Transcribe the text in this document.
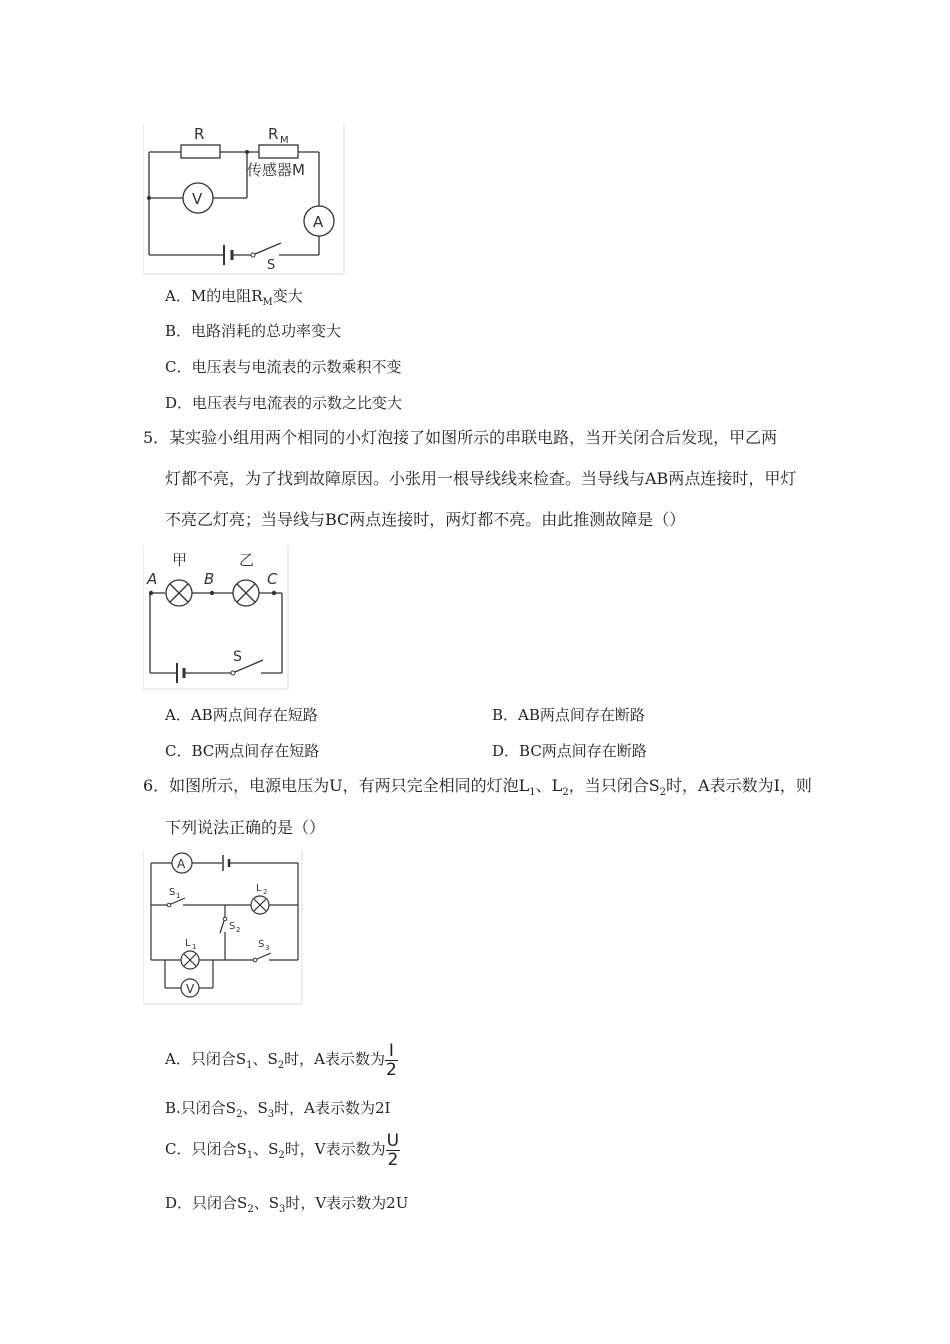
R	R M
传感器M
V
A
S
A．M的电阻$R_M$变大
B．电路消耗的总功率变大
C．电压表与电流表的示数乘积不变
D．电压表与电流表的示数之比变大
5．某实验小组用两个相同的小灯泡接了如图所示的串联电路，当开关闭合后发现，甲乙两
灯都不亮，为了找到故障原因。小张用一根导线线来检查。当导线与AB两点连接时，甲灯
不亮乙灯亮；当导线与BC两点连接时，两灯都不亮。由此推测故障是（）
甲	乙
A	B	C
S
A．AB两点间存在短路	B．AB两点间存在断路
C．BC两点间存在短路	D．BC两点间存在断路
6．如图所示，电源电压为U，有两只完全相同的灯泡$L_1$、$L_2$，当只闭合$S_2$时，A表示数为I，则
下列说法正确的是（）
A
V
S 1
L 2
S 2
L 1	S 3
A．只闭合$S_1$、$S_2$时，A表示数为 $\frac{I}{2}$
B.只闭合$S_2$、$S_3$时，A表示数为2I
C．只闭合$S_1$、$S_2$时，V表示数为 $\frac{U}{2}$
D．只闭合$S_2$、$S_3$时，V表示数为2U
